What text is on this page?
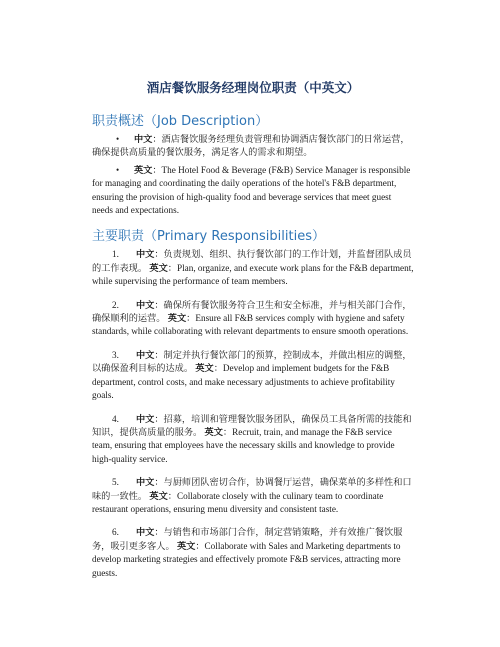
酒店餐饮服务经理岗位职责（中英文）
职责概述（Job Description）
• 中文：酒店餐饮服务经理负责管理和协调酒店餐饮部门的日常运营，确保提供高质量的餐饮服务，满足客人的需求和期望。
• 英文：The Hotel Food & Beverage (F&B) Service Manager is responsible for managing and coordinating the daily operations of the hotel's F&B department, ensuring the provision of high-quality food and beverage services that meet guest needs and expectations.
主要职责（Primary Responsibilities）
1. 中文：负责规划、组织、执行餐饮部门的工作计划，并监督团队成员的工作表现。 英文：Plan, organize, and execute work plans for the F&B department, while supervising the performance of team members.
2. 中文：确保所有餐饮服务符合卫生和安全标准，并与相关部门合作，确保顺利的运营。 英文：Ensure all F&B services comply with hygiene and safety standards, while collaborating with relevant departments to ensure smooth operations.
3. 中文：制定并执行餐饮部门的预算，控制成本，并做出相应的调整，以确保盈利目标的达成。 英文：Develop and implement budgets for the F&B department, control costs, and make necessary adjustments to achieve profitability goals.
4. 中文：招募，培训和管理餐饮服务团队，确保员工具备所需的技能和知识，提供高质量的服务。 英文：Recruit, train, and manage the F&B service team, ensuring that employees have the necessary skills and knowledge to provide high-quality service.
5. 中文：与厨师团队密切合作，协调餐厅运营，确保菜单的多样性和口味的一致性。 英文：Collaborate closely with the culinary team to coordinate restaurant operations, ensuring menu diversity and consistent taste.
6. 中文：与销售和市场部门合作，制定营销策略，并有效推广餐饮服务，吸引更多客人。 英文：Collaborate with Sales and Marketing departments to develop marketing strategies and effectively promote F&B services, attracting more guests.
